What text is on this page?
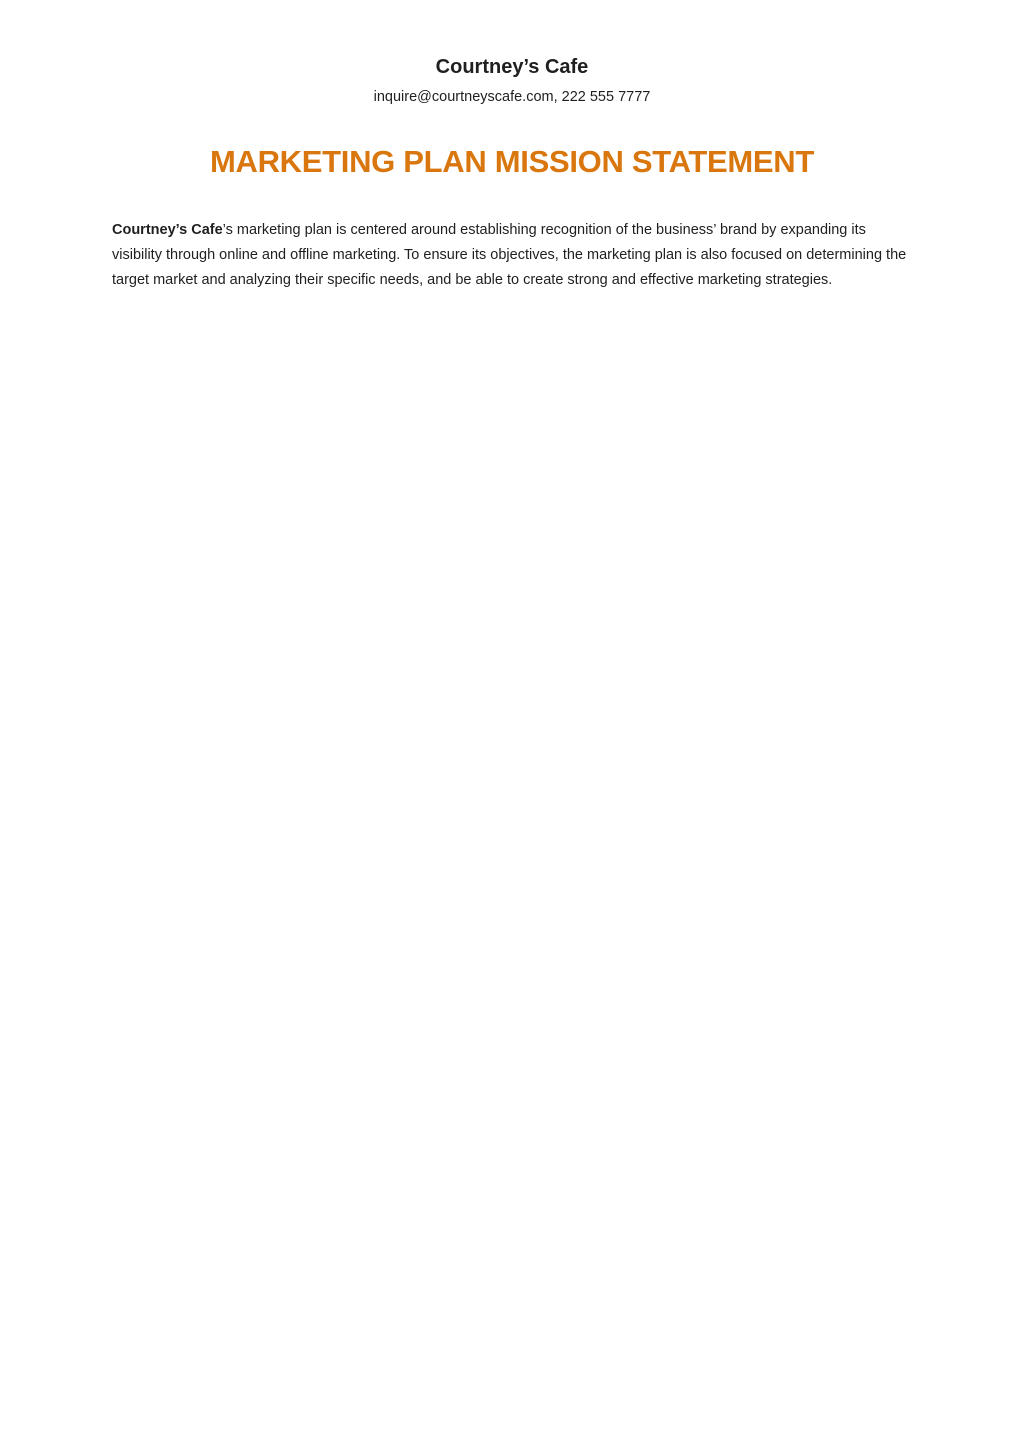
Courtney’s Cafe

inquire@courtneyscafe.com, 222 555 7777

MARKETING PLAN MISSION STATEMENT

Courtney’s Cafe’s marketing plan is centered around establishing recognition of the business’ brand by expanding its visibility through online and offline marketing. To ensure its objectives, the marketing plan is also focused on determining the target market and analyzing their specific needs, and be able to create strong and effective marketing strategies.
